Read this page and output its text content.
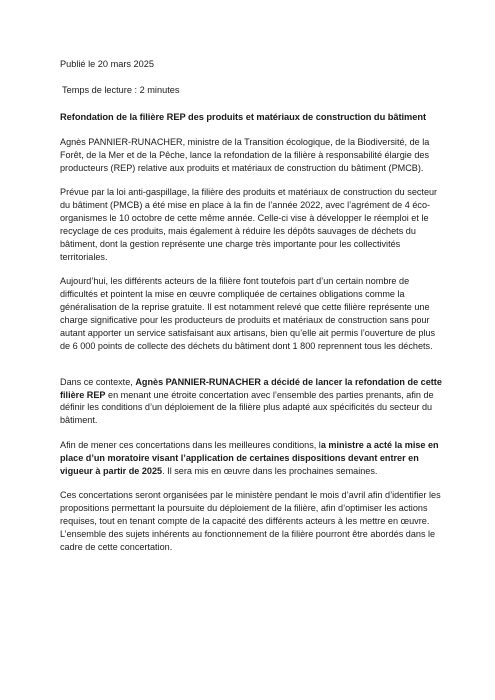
Publié le 20 mars 2025
Temps de lecture : 2 minutes
Refondation de la filière REP des produits et matériaux de construction du bâtiment

Agnès PANNIER-RUNACHER, ministre de la Transition écologique, de la Biodiversité, de la Forêt, de la Mer et de la Pêche, lance la refondation de la filière à responsabilité élargie des producteurs (REP) relative aux produits et matériaux de construction du bâtiment (PMCB).

Prévue par la loi anti-gaspillage, la filière des produits et matériaux de construction du secteur du bâtiment (PMCB) a été mise en place à la fin de l’année 2022, avec l’agrément de 4 éco-organismes le 10 octobre de cette même année. Celle-ci vise à développer le réemploi et le recyclage de ces produits, mais également à réduire les dépôts sauvages de déchets du bâtiment, dont la gestion représente une charge très importante pour les collectivités territoriales.

Aujourd’hui, les différents acteurs de la filière font toutefois part d’un certain nombre de difficultés et pointent la mise en œuvre compliquée de certaines obligations comme la généralisation de la reprise gratuite. Il est notamment relevé que cette filière représente une charge significative pour les producteurs de produits et matériaux de construction sans pour autant apporter un service satisfaisant aux artisans, bien qu’elle ait permis l’ouverture de plus de 6 000 points de collecte des déchets du bâtiment dont 1 800 reprennent tous les déchets.

Dans ce contexte, Agnès PANNIER-RUNACHER a décidé de lancer la refondation de cette filière REP en menant une étroite concertation avec l’ensemble des parties prenants, afin de définir les conditions d’un déploiement de la filière plus adapté aux spécificités du secteur du bâtiment.

Afin de mener ces concertations dans les meilleures conditions, la ministre a acté la mise en place d’un moratoire visant l’application de certaines dispositions devant entrer en vigueur à partir de 2025. Il sera mis en œuvre dans les prochaines semaines.

Ces concertations seront organisées par le ministère pendant le mois d’avril afin d’identifier les propositions permettant la poursuite du déploiement de la filière, afin d’optimiser les actions requises, tout en tenant compte de la capacité des différents acteurs à les mettre en œuvre. L’ensemble des sujets inhérents au fonctionnement de la filière pourront être abordés dans le cadre de cette concertation.
